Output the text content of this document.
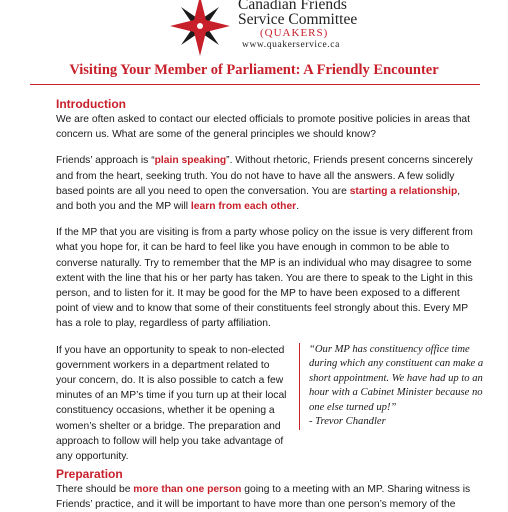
Canadian Friends
Service Committee
(QUAKERS)
www.quakerservice.ca
Visiting Your Member of Parliament: A Friendly Encounter
Introduction

We are often asked to contact our elected officials to promote positive policies in areas that concern us. What are some of the general principles we should know?

Friends’ approach is “plain speaking”. Without rhetoric, Friends present concerns sincerely and from the heart, seeking truth. You do not have to have all the answers. A few solidly based points are all you need to open the conversation. You are starting a relationship, and both you and the MP will learn from each other.

If the MP that you are visiting is from a party whose policy on the issue is very different from what you hope for, it can be hard to feel like you have enough in common to be able to converse naturally. Try to remember that the MP is an individual who may disagree to some extent with the line that his or her party has taken. You are there to speak to the Light in this person, and to listen for it. It may be good for the MP to have been exposed to a different point of view and to know that some of their constituents feel strongly about this. Every MP has a role to play, regardless of party affiliation.

If you have an opportunity to speak to non-elected government workers in a department related to your concern, do. It is also possible to catch a few minutes of an MP’s time if you turn up at their local constituency occasions, whether it be opening a women’s shelter or a bridge. The preparation and approach to follow will help you take advantage of any opportunity.

“Our MP has constituency office time during which any constituent can make a short appointment. We have had up to an hour with a Cabinet Minister because no one else turned up!”
- Trevor Chandler
Preparation

There should be more than one person going to a meeting with an MP. Sharing witness is Friends’ practice, and it will be important to have more than one person’s memory of the
